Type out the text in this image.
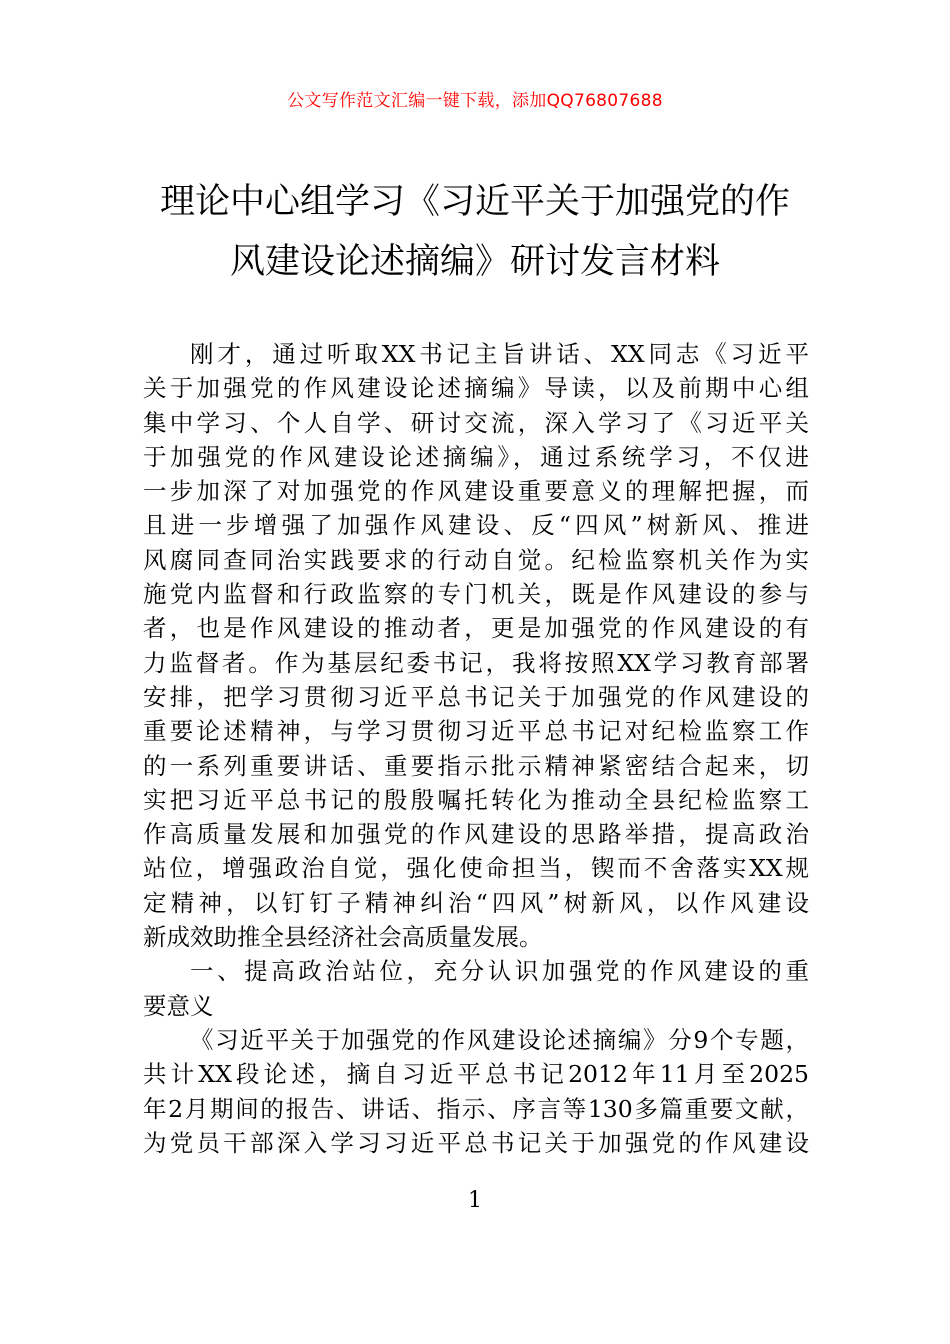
公文写作范文汇编一键下载，添加QQ76807688
理论中心组学习《习近平关于加强党的作
风建设论述摘编》研讨发言材料
刚才，通过听取XX书记主旨讲话、XX同志《习近平
关于加强党的作风建设论述摘编》导读，以及前期中心组
集中学习、个人自学、研讨交流，深入学习了《习近平关
于加强党的作风建设论述摘编》，通过系统学习，不仅进
一步加深了对加强党的作风建设重要意义的理解把握，而
且进一步增强了加强作风建设、反“四风”树新风、推进
风腐同查同治实践要求的行动自觉。纪检监察机关作为实
施党内监督和行政监察的专门机关，既是作风建设的参与
者，也是作风建设的推动者，更是加强党的作风建设的有
力监督者。作为基层纪委书记，我将按照XX学习教育部署
安排，把学习贯彻习近平总书记关于加强党的作风建设的
重要论述精神，与学习贯彻习近平总书记对纪检监察工作
的一系列重要讲话、重要指示批示精神紧密结合起来，切
实把习近平总书记的殷殷嘱托转化为推动全县纪检监察工
作高质量发展和加强党的作风建设的思路举措，提高政治
站位，增强政治自觉，强化使命担当，锲而不舍落实XX规
定精神，以钉钉子精神纠治“四风”树新风，以作风建设
新成效助推全县经济社会高质量发展。
一、提高政治站位，充分认识加强党的作风建设的重
要意义
《习近平关于加强党的作风建设论述摘编》分9个专题，
共计XX段论述，摘自习近平总书记2012年11月至2025
年2月期间的报告、讲话、指示、序言等130多篇重要文献，
为党员干部深入学习习近平总书记关于加强党的作风建设
1
